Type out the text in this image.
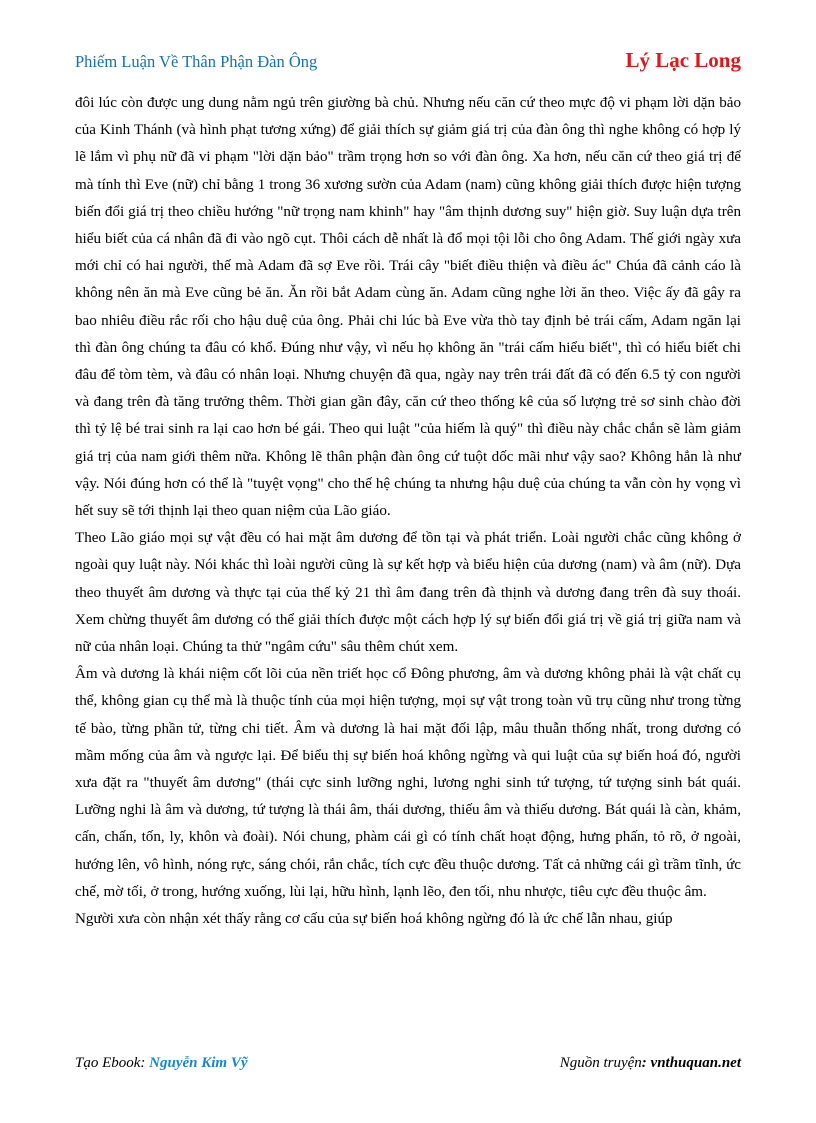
Phiếm Luận Về Thân Phận Đàn Ông	Lý Lạc Long

đôi lúc còn được ung dung nằm ngủ trên giường bà chủ. Nhưng nếu căn cứ theo mực độ vi phạm lời dặn bảo của Kinh Thánh (và hình phạt tương xứng) để giải thích sự giảm giá trị của đàn ông thì nghe không có hợp lý lẽ lắm vì phụ nữ đã vi phạm "lời dặn bảo" trầm trọng hơn so với đàn ông. Xa hơn, nếu căn cứ theo giá trị để mà tính thì Eve (nữ) chỉ bằng 1 trong 36 xương sườn của Adam (nam) cũng không giải thích được hiện tượng biến đổi giá trị theo chiều hướng "nữ trọng nam khinh" hay "âm thịnh dương suy" hiện giờ. Suy luận dựa trên hiểu biết của cá nhân đã đi vào ngõ cụt. Thôi cách dễ nhất là đổ mọi tội lỗi cho ông Adam. Thế giới ngày xưa mới chỉ có hai người, thế mà Adam đã sợ Eve rồi. Trái cây "biết điều thiện và điều ác" Chúa đã cảnh cáo là không nên ăn mà Eve cũng bẻ ăn. Ăn rồi bắt Adam cùng ăn. Adam cũng nghe lời ăn theo. Việc ấy đã gây ra bao nhiêu điều rắc rối cho hậu duệ của ông. Phải chi lúc bà Eve vừa thò tay định bẻ trái cấm, Adam ngăn lại thì đàn ông chúng ta đâu có khổ. Đúng như vậy, vì nếu họ không ăn "trái cấm hiểu biết", thì có hiểu biết chi đâu để tòm tèm, và đâu có nhân loại. Nhưng chuyện đã qua, ngày nay trên trái đất đã có đến 6.5 tỷ con người và đang trên đà tăng trưởng thêm. Thời gian gần đây, căn cứ theo thống kê của số lượng trẻ sơ sinh chào đời thì tỷ lệ bé trai sinh ra lại cao hơn bé gái. Theo qui luật "của hiếm là quý" thì điều này chắc chắn sẽ làm giảm giá trị của nam giới thêm nữa. Không lẽ thân phận đàn ông cứ tuột dốc mãi như vậy sao? Không hẳn là như vậy. Nói đúng hơn có thể là "tuyệt vọng" cho thế hệ chúng ta nhưng hậu duệ của chúng ta vẫn còn hy vọng vì hết suy sẽ tới thịnh lại theo quan niệm của Lão giáo.

Theo Lão giáo mọi sự vật đều có hai mặt âm dương để tồn tại và phát triển. Loài người chắc cũng không ở ngoài quy luật này. Nói khác thì loài người cũng là sự kết hợp và biểu hiện của dương (nam) và âm (nữ). Dựa theo thuyết âm dương và thực tại của thế kỷ 21 thì âm đang trên đà thịnh và dương đang trên đà suy thoái. Xem chừng thuyết âm dương có thể giải thích được một cách hợp lý sự biến đổi giá trị về giá trị giữa nam và nữ của nhân loại. Chúng ta thử "ngâm cứu" sâu thêm chút xem.

Âm và dương là khái niệm cốt lõi của nền triết học cổ Đông phương, âm và dương không phải là vật chất cụ thể, không gian cụ thể mà là thuộc tính của mọi hiện tượng, mọi sự vật trong toàn vũ trụ cũng như trong từng tế bào, từng phần tử, từng chi tiết. Âm và dương là hai mặt đối lập, mâu thuẫn thống nhất, trong dương có mầm mống của âm và ngược lại. Để biểu thị sự biến hoá không ngừng và qui luật của sự biến hoá đó, người xưa đặt ra "thuyết âm dương" (thái cực sinh lưỡng nghi, lương nghi sinh tứ tượng, tứ tượng sinh bát quái. Lưỡng nghi là âm và dương, tứ tượng là thái âm, thái dương, thiếu âm và thiếu dương. Bát quái là càn, khảm, cấn, chấn, tốn, ly, khôn và đoài). Nói chung, phàm cái gì có tính chất hoạt động, hưng phấn, tỏ rõ, ở ngoài, hướng lên, vô hình, nóng rực, sáng chói, rắn chắc, tích cực đều thuộc dương. Tất cả những cái gì trầm tĩnh, ức chế, mờ tối, ở trong, hướng xuống, lùi lại, hữu hình, lạnh lẽo, đen tối, nhu nhược, tiêu cực đều thuộc âm.

Người xưa còn nhận xét thấy rằng cơ cấu của sự biến hoá không ngừng đó là ức chế lẫn nhau, giúp

Tạo Ebook: Nguyễn Kim Vỹ	Nguồn truyện: vnthuquan.net
